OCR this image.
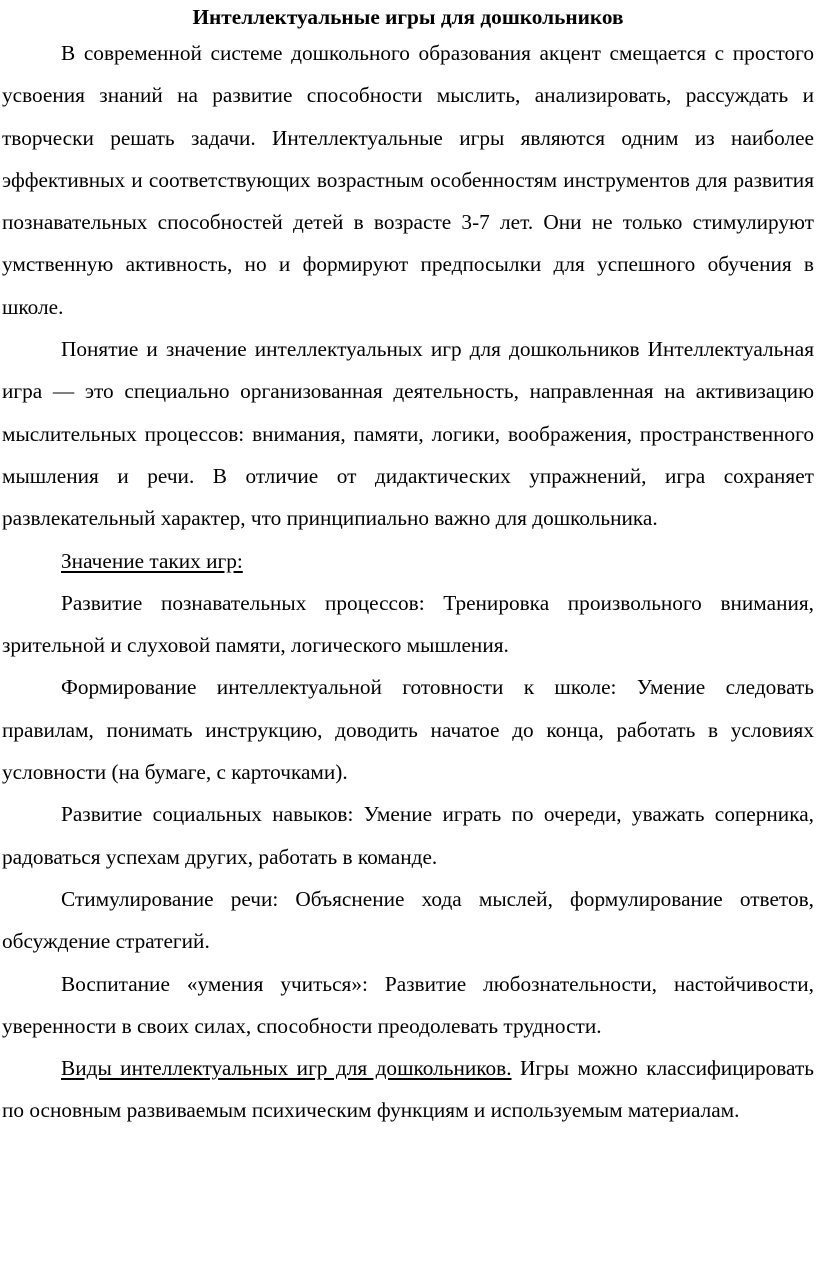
Интеллектуальные игры для дошкольников

В современной системе дошкольного образования акцент смещается с простого усвоения знаний на развитие способности мыслить, анализировать, рассуждать и творчески решать задачи. Интеллектуальные игры являются одним из наиболее эффективных и соответствующих возрастным особенностям инструментов для развития познавательных способностей детей в возрасте 3-7 лет. Они не только стимулируют умственную активность, но и формируют предпосылки для успешного обучения в школе.

Понятие и значение интеллектуальных игр для дошкольников Интеллектуальная игра — это специально организованная деятельность, направленная на активизацию мыслительных процессов: внимания, памяти, логики, воображения, пространственного мышления и речи. В отличие от дидактических упражнений, игра сохраняет развлекательный характер, что принципиально важно для дошкольника.

Значение таких игр:

Развитие познавательных процессов: Тренировка произвольного внимания, зрительной и слуховой памяти, логического мышления.

Формирование интеллектуальной готовности к школе: Умение следовать правилам, понимать инструкцию, доводить начатое до конца, работать в условиях условности (на бумаге, с карточками).

Развитие социальных навыков: Умение играть по очереди, уважать соперника, радоваться успехам других, работать в команде.

Стимулирование речи: Объяснение хода мыслей, формулирование ответов, обсуждение стратегий.

Воспитание «умения учиться»: Развитие любознательности, настойчивости, уверенности в своих силах, способности преодолевать трудности.

Виды интеллектуальных игр для дошкольников. Игры можно классифицировать по основным развиваемым психическим функциям и используемым материалам.
